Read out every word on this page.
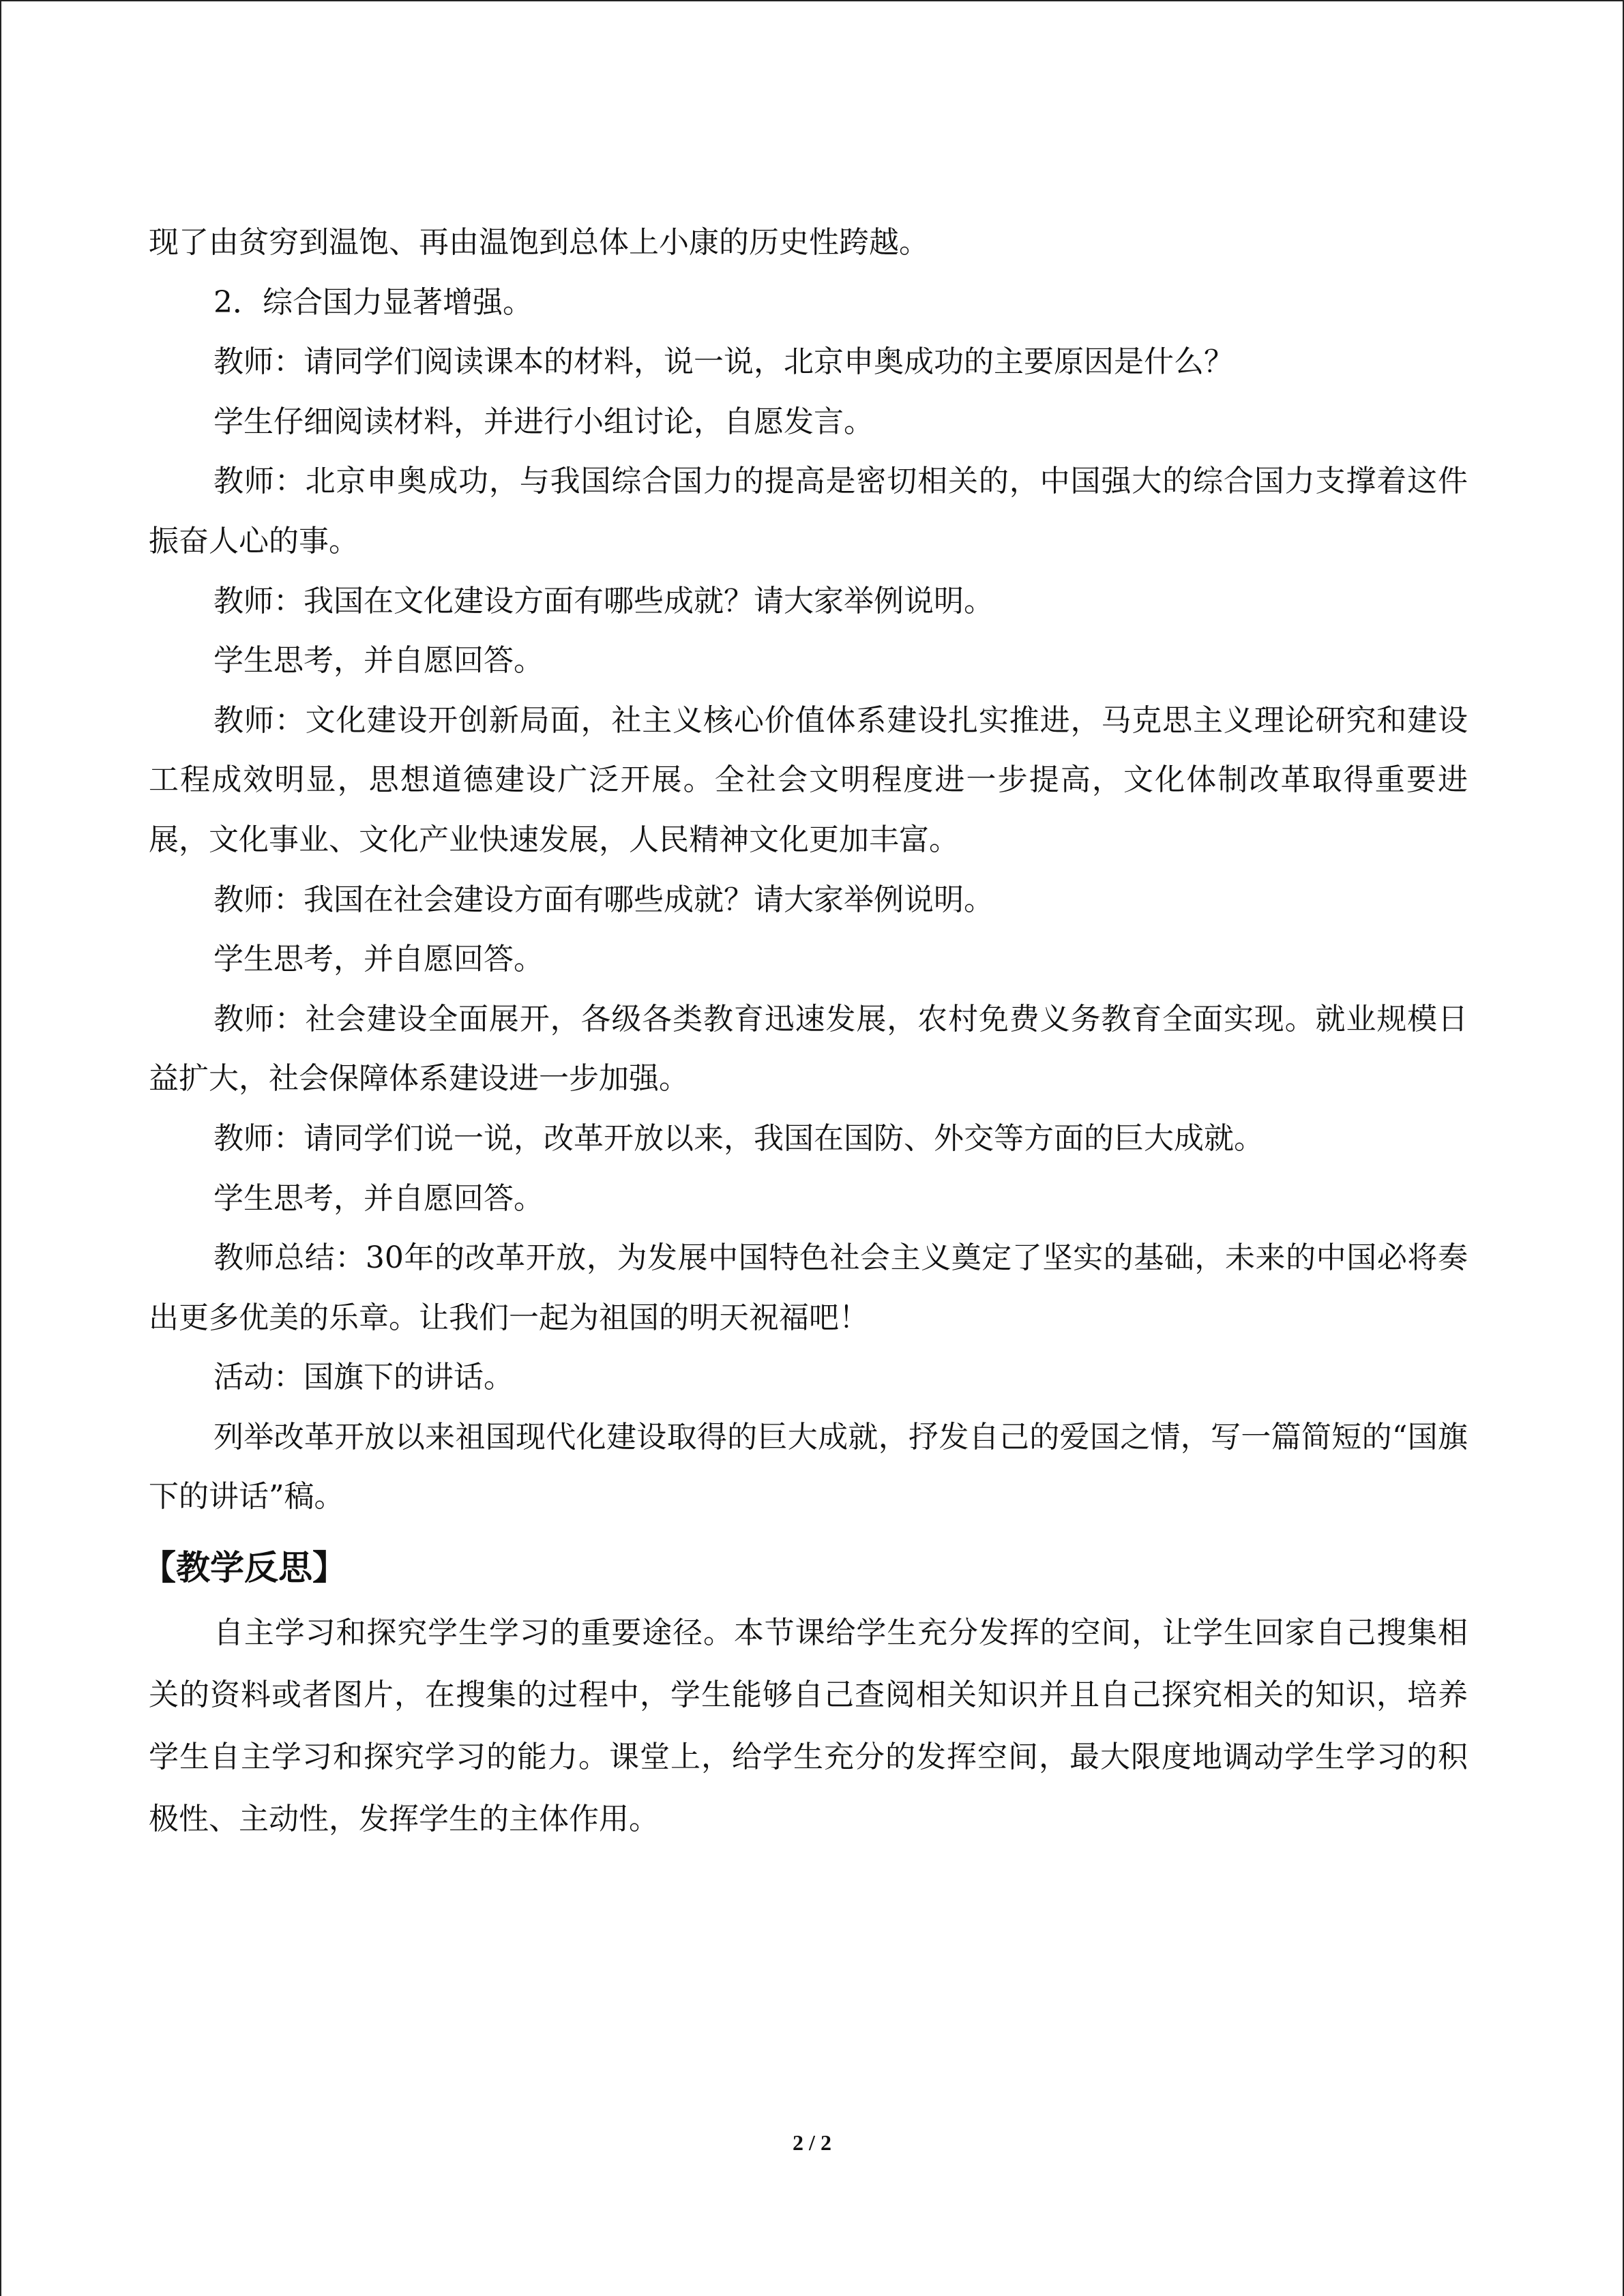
现了由贫穷到温饱、再由温饱到总体上小康的历史性跨越。

2．综合国力显著增强。

教师：请同学们阅读课本的材料，说一说，北京申奥成功的主要原因是什么？

学生仔细阅读材料，并进行小组讨论，自愿发言。

教师：北京申奥成功，与我国综合国力的提高是密切相关的，中国强大的综合国力支撑着这件振奋人心的事。

教师：我国在文化建设方面有哪些成就？请大家举例说明。

学生思考，并自愿回答。

教师：文化建设开创新局面，社主义核心价值体系建设扎实推进，马克思主义理论研究和建设工程成效明显，思想道德建设广泛开展。全社会文明程度进一步提高，文化体制改革取得重要进展，文化事业、文化产业快速发展，人民精神文化更加丰富。

教师：我国在社会建设方面有哪些成就？请大家举例说明。

学生思考，并自愿回答。

教师：社会建设全面展开，各级各类教育迅速发展，农村免费义务教育全面实现。就业规模日益扩大，社会保障体系建设进一步加强。

教师：请同学们说一说，改革开放以来，我国在国防、外交等方面的巨大成就。

学生思考，并自愿回答。

教师总结：30年的改革开放，为发展中国特色社会主义奠定了坚实的基础，未来的中国必将奏出更多优美的乐章。让我们一起为祖国的明天祝福吧！

活动：国旗下的讲话。

列举改革开放以来祖国现代化建设取得的巨大成就，抒发自己的爱国之情，写一篇简短的“国旗下的讲话”稿。

【教学反思】

自主学习和探究学生学习的重要途径。本节课给学生充分发挥的空间，让学生回家自己搜集相关的资料或者图片，在搜集的过程中，学生能够自己查阅相关知识并且自己探究相关的知识，培养学生自主学习和探究学习的能力。课堂上，给学生充分的发挥空间，最大限度地调动学生学习的积极性、主动性，发挥学生的主体作用。

2 / 2
